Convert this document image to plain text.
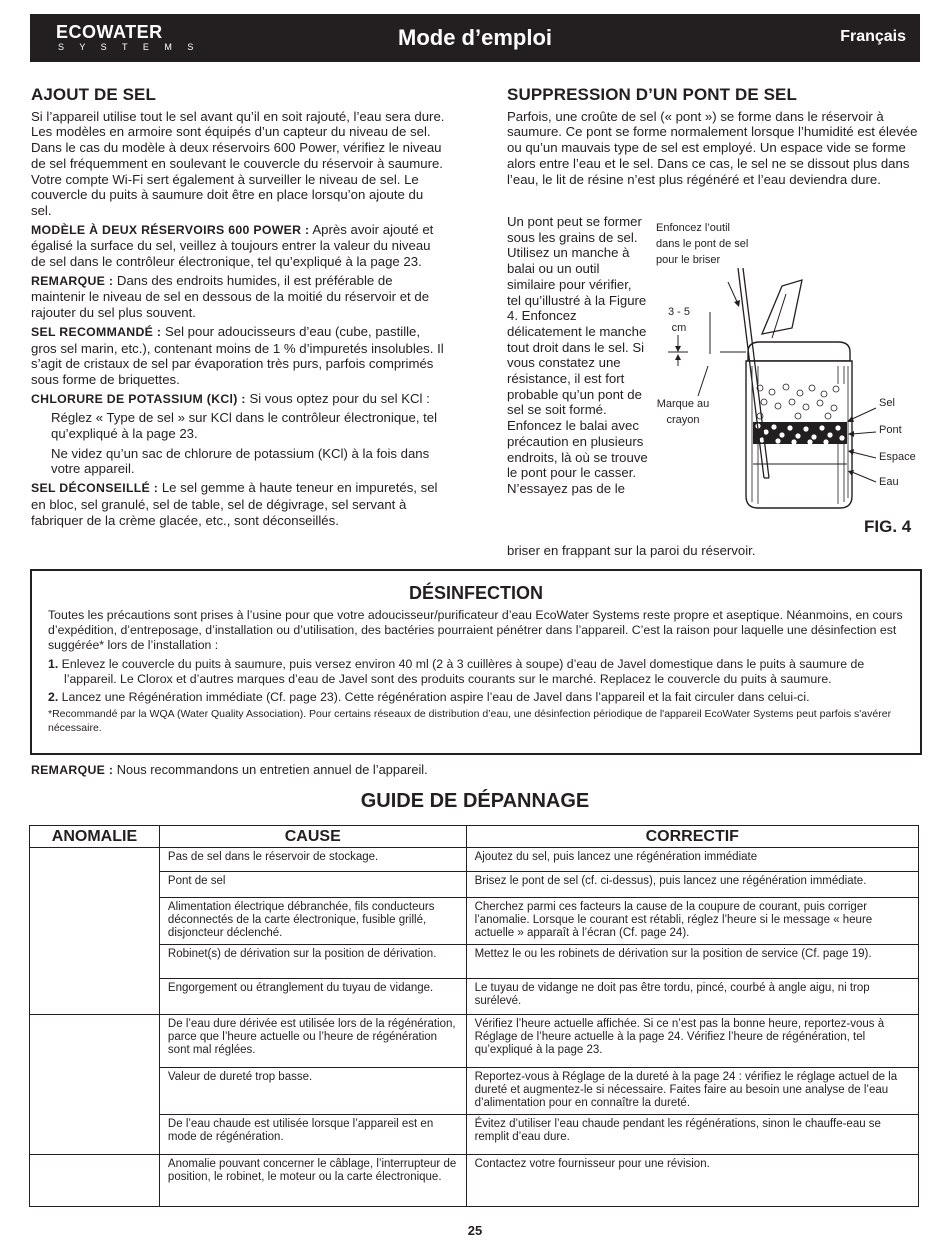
ECOWATER
S Y S T E M S	Mode d’emploi	Français
AJOUT DE SEL

Si l’appareil utilise tout le sel avant qu’il en soit rajouté, l’eau sera dure. Les modèles en armoire sont équipés d’un capteur du niveau de sel. Dans le cas du modèle à deux réservoirs 600 Power, vérifiez le niveau de sel fréquemment en soulevant le couvercle du réservoir à saumure. Votre compte Wi-Fi sert également à surveiller le niveau de sel. Le couvercle du puits à saumure doit être en place lorsqu’on ajoute du sel.

MODÈLE À DEUX RÉSERVOIRS 600 POWER : Après avoir ajouté et égalisé la surface du sel, veillez à toujours entrer la valeur du niveau de sel dans le contrôleur électronique, tel qu’expliqué à la page 23.

REMARQUE : Dans des endroits humides, il est préférable de maintenir le niveau de sel en dessous de la moitié du réservoir et de rajouter du sel plus souvent.

SEL RECOMMANDÉ : Sel pour adoucisseurs d’eau (cube, pastille, gros sel marin, etc.), contenant moins de 1 % d’impuretés insolubles. Il s’agit de cristaux de sel par évaporation très purs, parfois comprimés sous forme de briquettes.

CHLORURE DE POTASSIUM (KCl) : Si vous optez pour du sel KCl :

Réglez « Type de sel » sur KCl dans le contrôleur électronique, tel qu’expliqué à la page 23.

Ne videz qu’un sac de chlorure de potassium (KCl) à la fois dans votre appareil.

SEL DÉCONSEILLÉ : Le sel gemme à haute teneur en impuretés, sel en bloc, sel granulé, sel de table, sel de dégivrage, sel servant à fabriquer de la crème glacée, etc., sont déconseillés.

SUPPRESSION D’UN PONT DE SEL

Parfois, une croûte de sel (« pont ») se forme dans le réservoir à saumure. Ce pont se forme normalement lorsque l’humidité est élevée ou qu’un mauvais type de sel est employé. Un espace vide se forme alors entre l’eau et le sel. Dans ce cas, le sel ne se dissout plus dans l’eau, le lit de résine n’est plus régénéré et l’eau deviendra dure.

Un pont peut se former sous les grains de sel. Utilisez un manche à balai ou un outil similaire pour vérifier, tel qu’illustré à la Figure 4. Enfoncez délicatement le manche tout droit dans le sel. Si vous constatez une résistance, il est fort probable qu’un pont de sel se soit formé. Enfoncez le balai avec précaution en plusieurs endroits, là où se trouve le pont pour le casser. N’essayez pas de le

briser en frappant sur la paroi du réservoir.

Enfoncez l’outil dans le pont de sel pour le briser
3 - 5 cm
Marque au crayon
Sel
Pont
Espace
Eau
FIG. 4
DÉSINFECTION

Toutes les précautions sont prises à l’usine pour que votre adoucisseur/purificateur d’eau EcoWater Systems reste propre et aseptique. Néanmoins, en cours d’expédition, d’entreposage, d’installation ou d’utilisation, des bactéries pourraient pénétrer dans l’appareil. C’est la raison pour laquelle une désinfection est suggérée* lors de l’installation :

1. Enlevez le couvercle du puits à saumure, puis versez environ 40 ml (2 à 3 cuillères à soupe) d’eau de Javel domestique dans le puits à saumure de l’appareil. Le Clorox et d’autres marques d’eau de Javel sont des produits courants sur le marché. Replacez le couvercle du puits à saumure.

2. Lancez une Régénération immédiate (Cf. page 23). Cette régénération aspire l’eau de Javel dans l’appareil et la fait circuler dans celui-ci.

*Recommandé par la WQA (Water Quality Association). Pour certains réseaux de distribution d’eau, une désinfection périodique de l'appareil EcoWater Systems peut parfois s'avérer nécessaire.

REMARQUE : Nous recommandons un entretien annuel de l’appareil.
GUIDE DE DÉPANNAGE
ANOMALIE	CAUSE	CORRECTIF
	Pas de sel dans le réservoir de stockage.	Ajoutez du sel, puis lancez une régénération immédiate
	Pont de sel	Brisez le pont de sel (cf. ci-dessus), puis lancez une régénération immédiate.
	Alimentation électrique débranchée, fils conducteurs déconnectés de la carte électronique, fusible grillé, disjoncteur déclenché.	Cherchez parmi ces facteurs la cause de la coupure de courant, puis corriger l’anomalie. Lorsque le courant est rétabli, réglez l’heure si le message « heure actuelle » apparaît à l’écran (Cf. page 24).
	Robinet(s) de dérivation sur la position de dérivation.	Mettez le ou les robinets de dérivation sur la position de service (Cf. page 19).
	Engorgement ou étranglement du tuyau de vidange.	Le tuyau de vidange ne doit pas être tordu, pincé, courbé à angle aigu, ni trop surélevé.
	De l’eau dure dérivée est utilisée lors de la régénération, parce que l’heure actuelle ou l’heure de régénération sont mal réglées.	Vérifiez l’heure actuelle affichée. Si ce n’est pas la bonne heure, reportez-vous à Réglage de l’heure actuelle à la page 24. Vérifiez l’heure de régénération, tel qu’expliqué à la page 23.
	Valeur de dureté trop basse.	Reportez-vous à Réglage de la dureté à la page 24 : vérifiez le réglage actuel de la dureté et augmentez-le si nécessaire. Faites faire au besoin une analyse de l’eau d’alimentation pour en connaître la dureté.
	De l’eau chaude est utilisée lorsque l’appareil est en mode de régénération.	Évitez d’utiliser l’eau chaude pendant les régénérations, sinon le chauffe-eau se remplit d’eau dure.
	Anomalie pouvant concerner le câblage, l’interrupteur de position, le robinet, le moteur ou la carte électronique.	Contactez votre fournisseur pour une révision.
25
